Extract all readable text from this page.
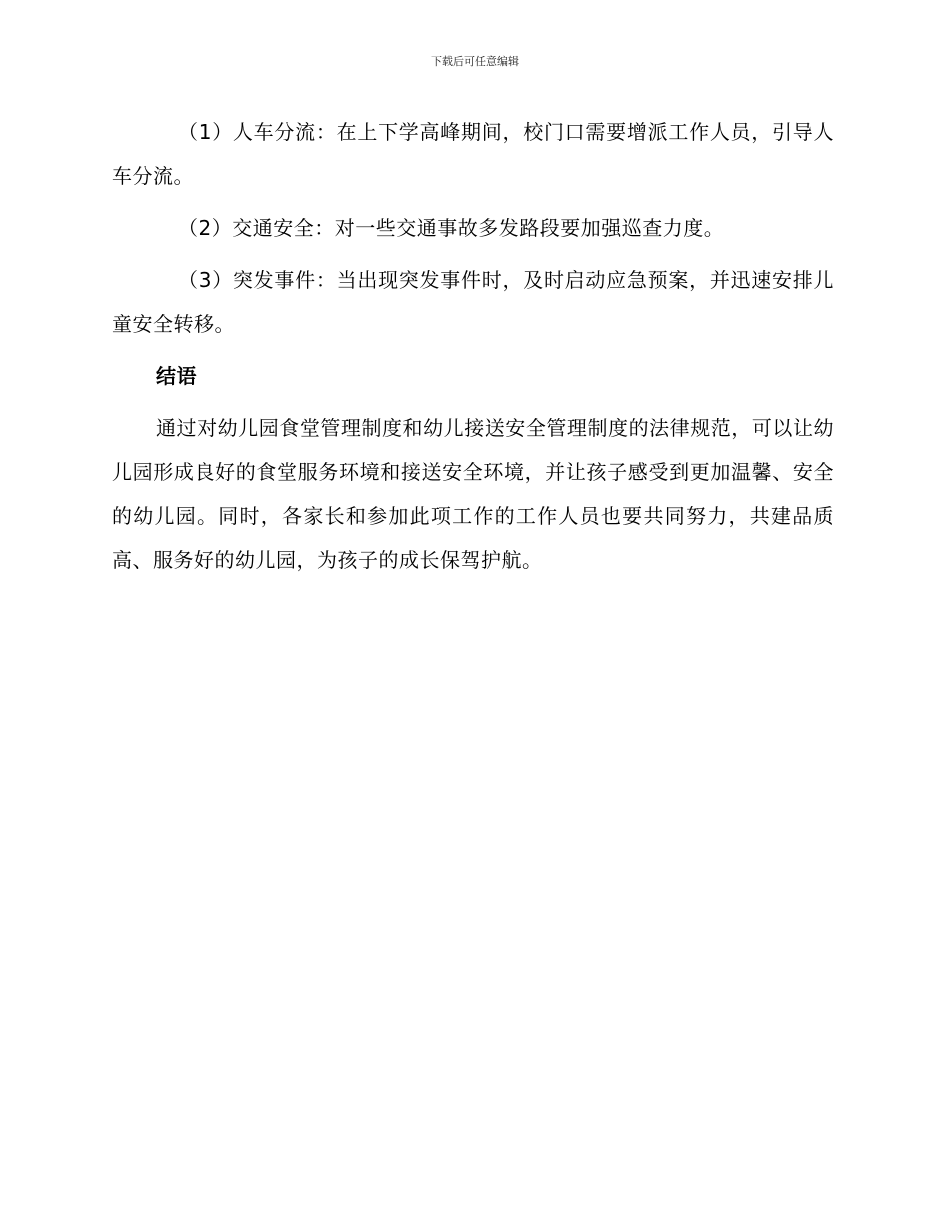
下载后可任意编辑

（1）人车分流：在上下学高峰期间，校门口需要增派工作人员，引导人车分流。

（2）交通安全：对一些交通事故多发路段要加强巡查力度。

（3）突发事件：当出现突发事件时，及时启动应急预案，并迅速安排儿童安全转移。

结语

通过对幼儿园食堂管理制度和幼儿接送安全管理制度的法律规范，可以让幼儿园形成良好的食堂服务环境和接送安全环境，并让孩子感受到更加温馨、安全的幼儿园。同时，各家长和参加此项工作的工作人员也要共同努力，共建品质高、服务好的幼儿园，为孩子的成长保驾护航。
